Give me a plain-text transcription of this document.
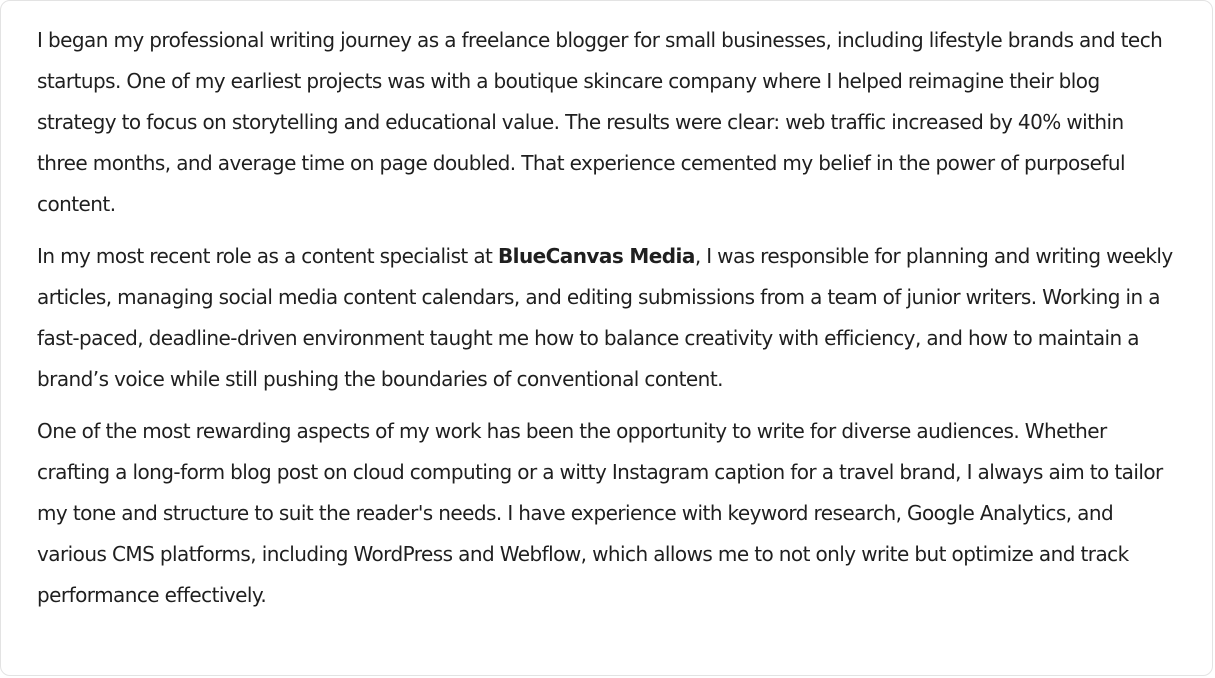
I began my professional writing journey as a freelance blogger for small businesses, including lifestyle brands and tech startups. One of my earliest projects was with a boutique skincare company where I helped reimagine their blog strategy to focus on storytelling and educational value. The results were clear: web traffic increased by 40% within three months, and average time on page doubled. That experience cemented my belief in the power of purposeful content.

In my most recent role as a content specialist at BlueCanvas Media, I was responsible for planning and writing weekly articles, managing social media content calendars, and editing submissions from a team of junior writers. Working in a fast-paced, deadline-driven environment taught me how to balance creativity with efficiency, and how to maintain a brand’s voice while still pushing the boundaries of conventional content.

One of the most rewarding aspects of my work has been the opportunity to write for diverse audiences. Whether crafting a long-form blog post on cloud computing or a witty Instagram caption for a travel brand, I always aim to tailor my tone and structure to suit the reader's needs. I have experience with keyword research, Google Analytics, and various CMS platforms, including WordPress and Webflow, which allows me to not only write but optimize and track performance effectively.
